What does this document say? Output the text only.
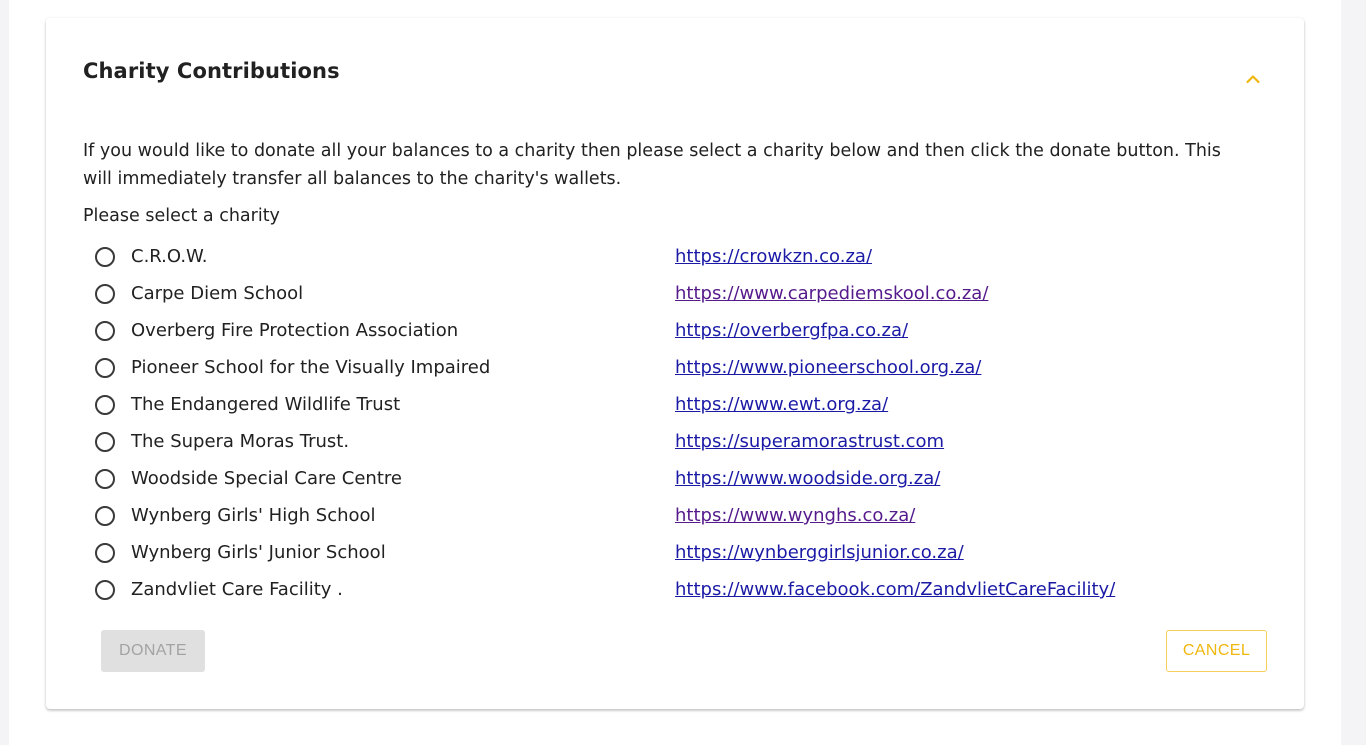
Charity Contributions
If you would like to donate all your balances to a charity then please select a charity below and then click the donate button. This will immediately transfer all balances to the charity's wallets.
Please select a charity
C.R.O.W.	https://crowkzn.co.za/
Carpe Diem School	https://www.carpediemskool.co.za/
Overberg Fire Protection Association	https://overbergfpa.co.za/
Pioneer School for the Visually Impaired	https://www.pioneerschool.org.za/
The Endangered Wildlife Trust	https://www.ewt.org.za/
The Supera Moras Trust.	https://superamorastrust.com
Woodside Special Care Centre	https://www.woodside.org.za/
Wynberg Girls' High School	https://www.wynghs.co.za/
Wynberg Girls' Junior School	https://wynberggirlsjunior.co.za/
Zandvliet Care Facility .	https://www.facebook.com/ZandvlietCareFacility/
DONATE	CANCEL
